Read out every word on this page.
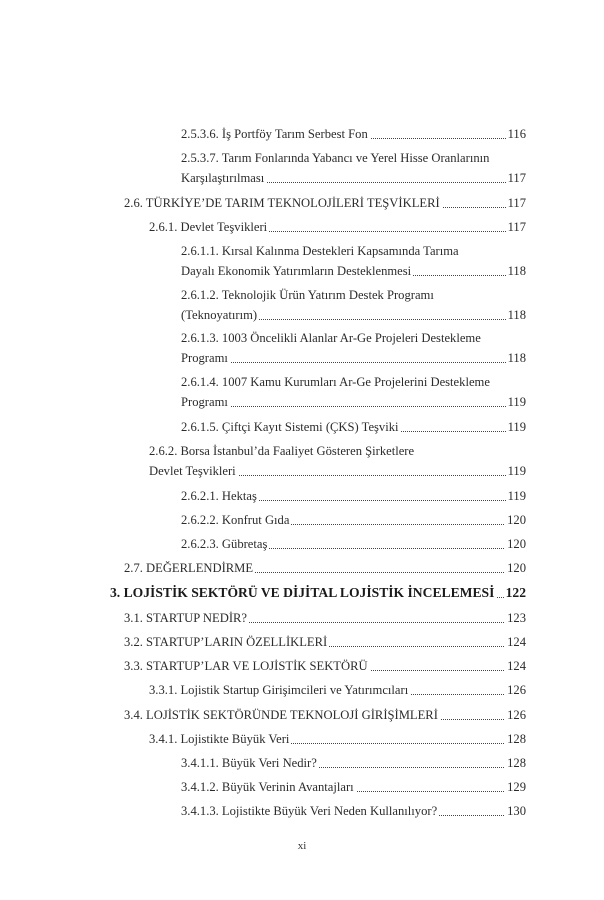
2.5.3.6. İş Portföy Tarım Serbest Fon	116
2.5.3.7. Tarım Fonlarında Yabancı ve Yerel Hisse Oranlarının
Karşılaştırılması	117
2.6. TÜRKİYE’DE TARIM TEKNOLOJİLERİ TEŞVİKLERİ	117
2.6.1. Devlet Teşvikleri	117
2.6.1.1. Kırsal Kalınma Destekleri Kapsamında Tarıma
Dayalı Ekonomik Yatırımların Desteklenmesi	118
2.6.1.2. Teknolojik Ürün Yatırım Destek Programı
(Teknoyatırım)	118
2.6.1.3. 1003 Öncelikli Alanlar Ar-Ge Projeleri Destekleme
Programı	118
2.6.1.4. 1007 Kamu Kurumları Ar-Ge Projelerini Destekleme
Programı	119
2.6.1.5. Çiftçi Kayıt Sistemi (ÇKS) Teşviki	119
2.6.2. Borsa İstanbul’da Faaliyet Gösteren Şirketlere
Devlet Teşvikleri	119
2.6.2.1. Hektaş	119
2.6.2.2. Konfrut Gıda	120
2.6.2.3. Gübretaş	120
2.7. DEĞERLENDİRME	120
3. LOJİSTİK SEKTÖRÜ VE DİJİTAL LOJİSTİK İNCELEMESİ 122
3.1. STARTUP NEDİR?	123
3.2. STARTUP’LARIN ÖZELLİKLERİ	124
3.3. STARTUP’LAR VE LOJİSTİK SEKTÖRÜ	124
3.3.1. Lojistik Startup Girişimcileri ve Yatırımcıları	126
3.4. LOJİSTİK SEKTÖRÜNDE TEKNOLOJİ GİRİŞİMLERİ	126
3.4.1. Lojistikte Büyük Veri	128
3.4.1.1. Büyük Veri Nedir?	128
3.4.1.2. Büyük Verinin Avantajları	129
3.4.1.3. Lojistikte Büyük Veri Neden Kullanılıyor?	130
xi
